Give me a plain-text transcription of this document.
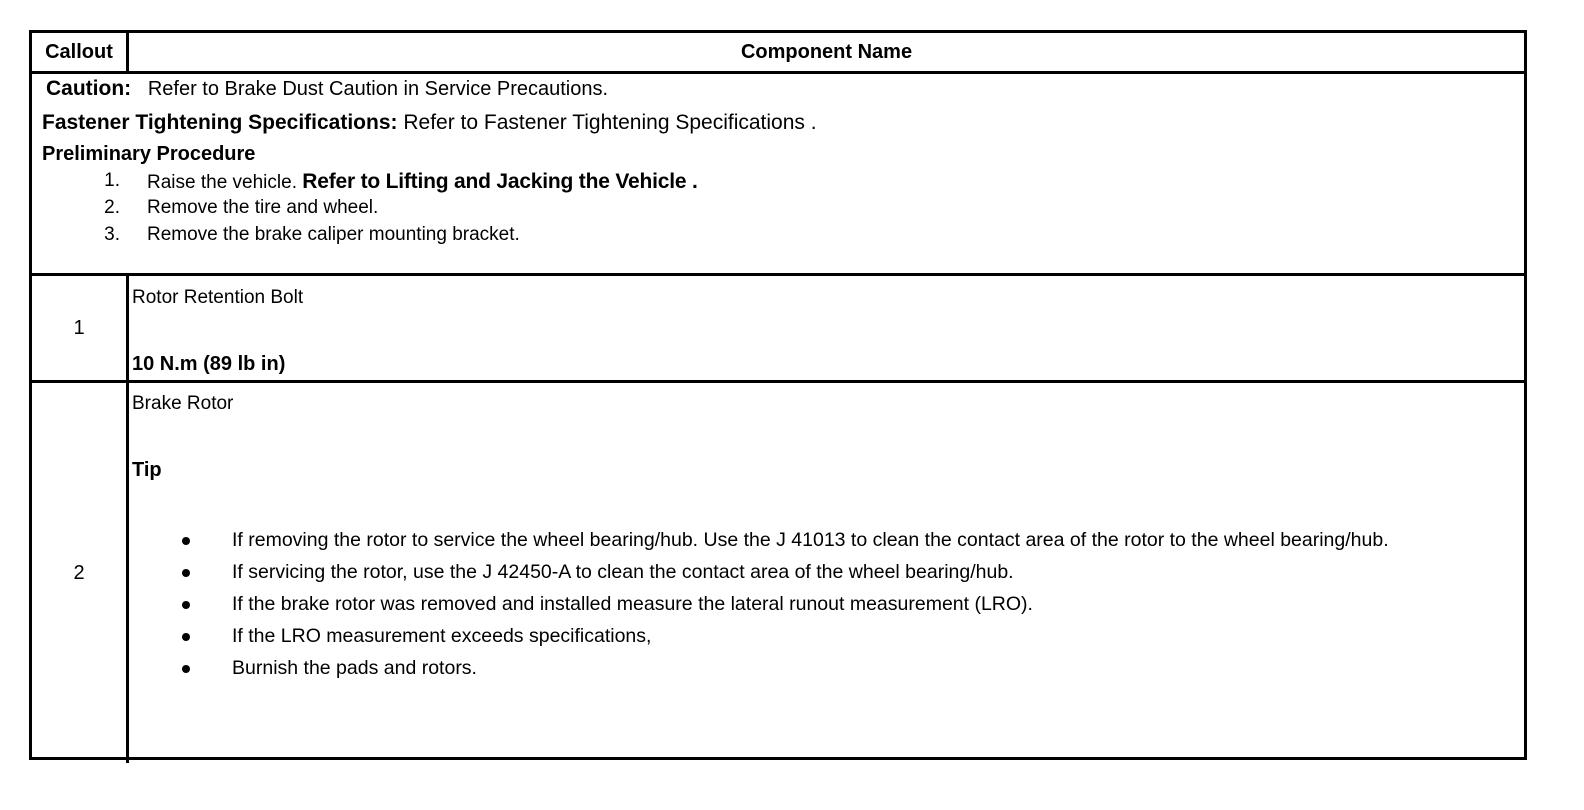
Callout	Component Name
Caution: Refer to Brake Dust Caution in Service Precautions.
Fastener Tightening Specifications: Refer to Fastener Tightening Specifications .
Preliminary Procedure
1. Raise the vehicle. Refer to Lifting and Jacking the Vehicle .
2. Remove the tire and wheel.
3. Remove the brake caliper mounting bracket.
1
Rotor Retention Bolt
10 N.m (89 lb in)
2
Brake Rotor
Tip
If removing the rotor to service the wheel bearing/hub. Use the J 41013 to clean the contact area of the rotor to the wheel bearing/hub.
If servicing the rotor, use the J 42450-A to clean the contact area of the wheel bearing/hub.
If the brake rotor was removed and installed measure the lateral runout measurement (LRO).
If the LRO measurement exceeds specifications,
Burnish the pads and rotors.
